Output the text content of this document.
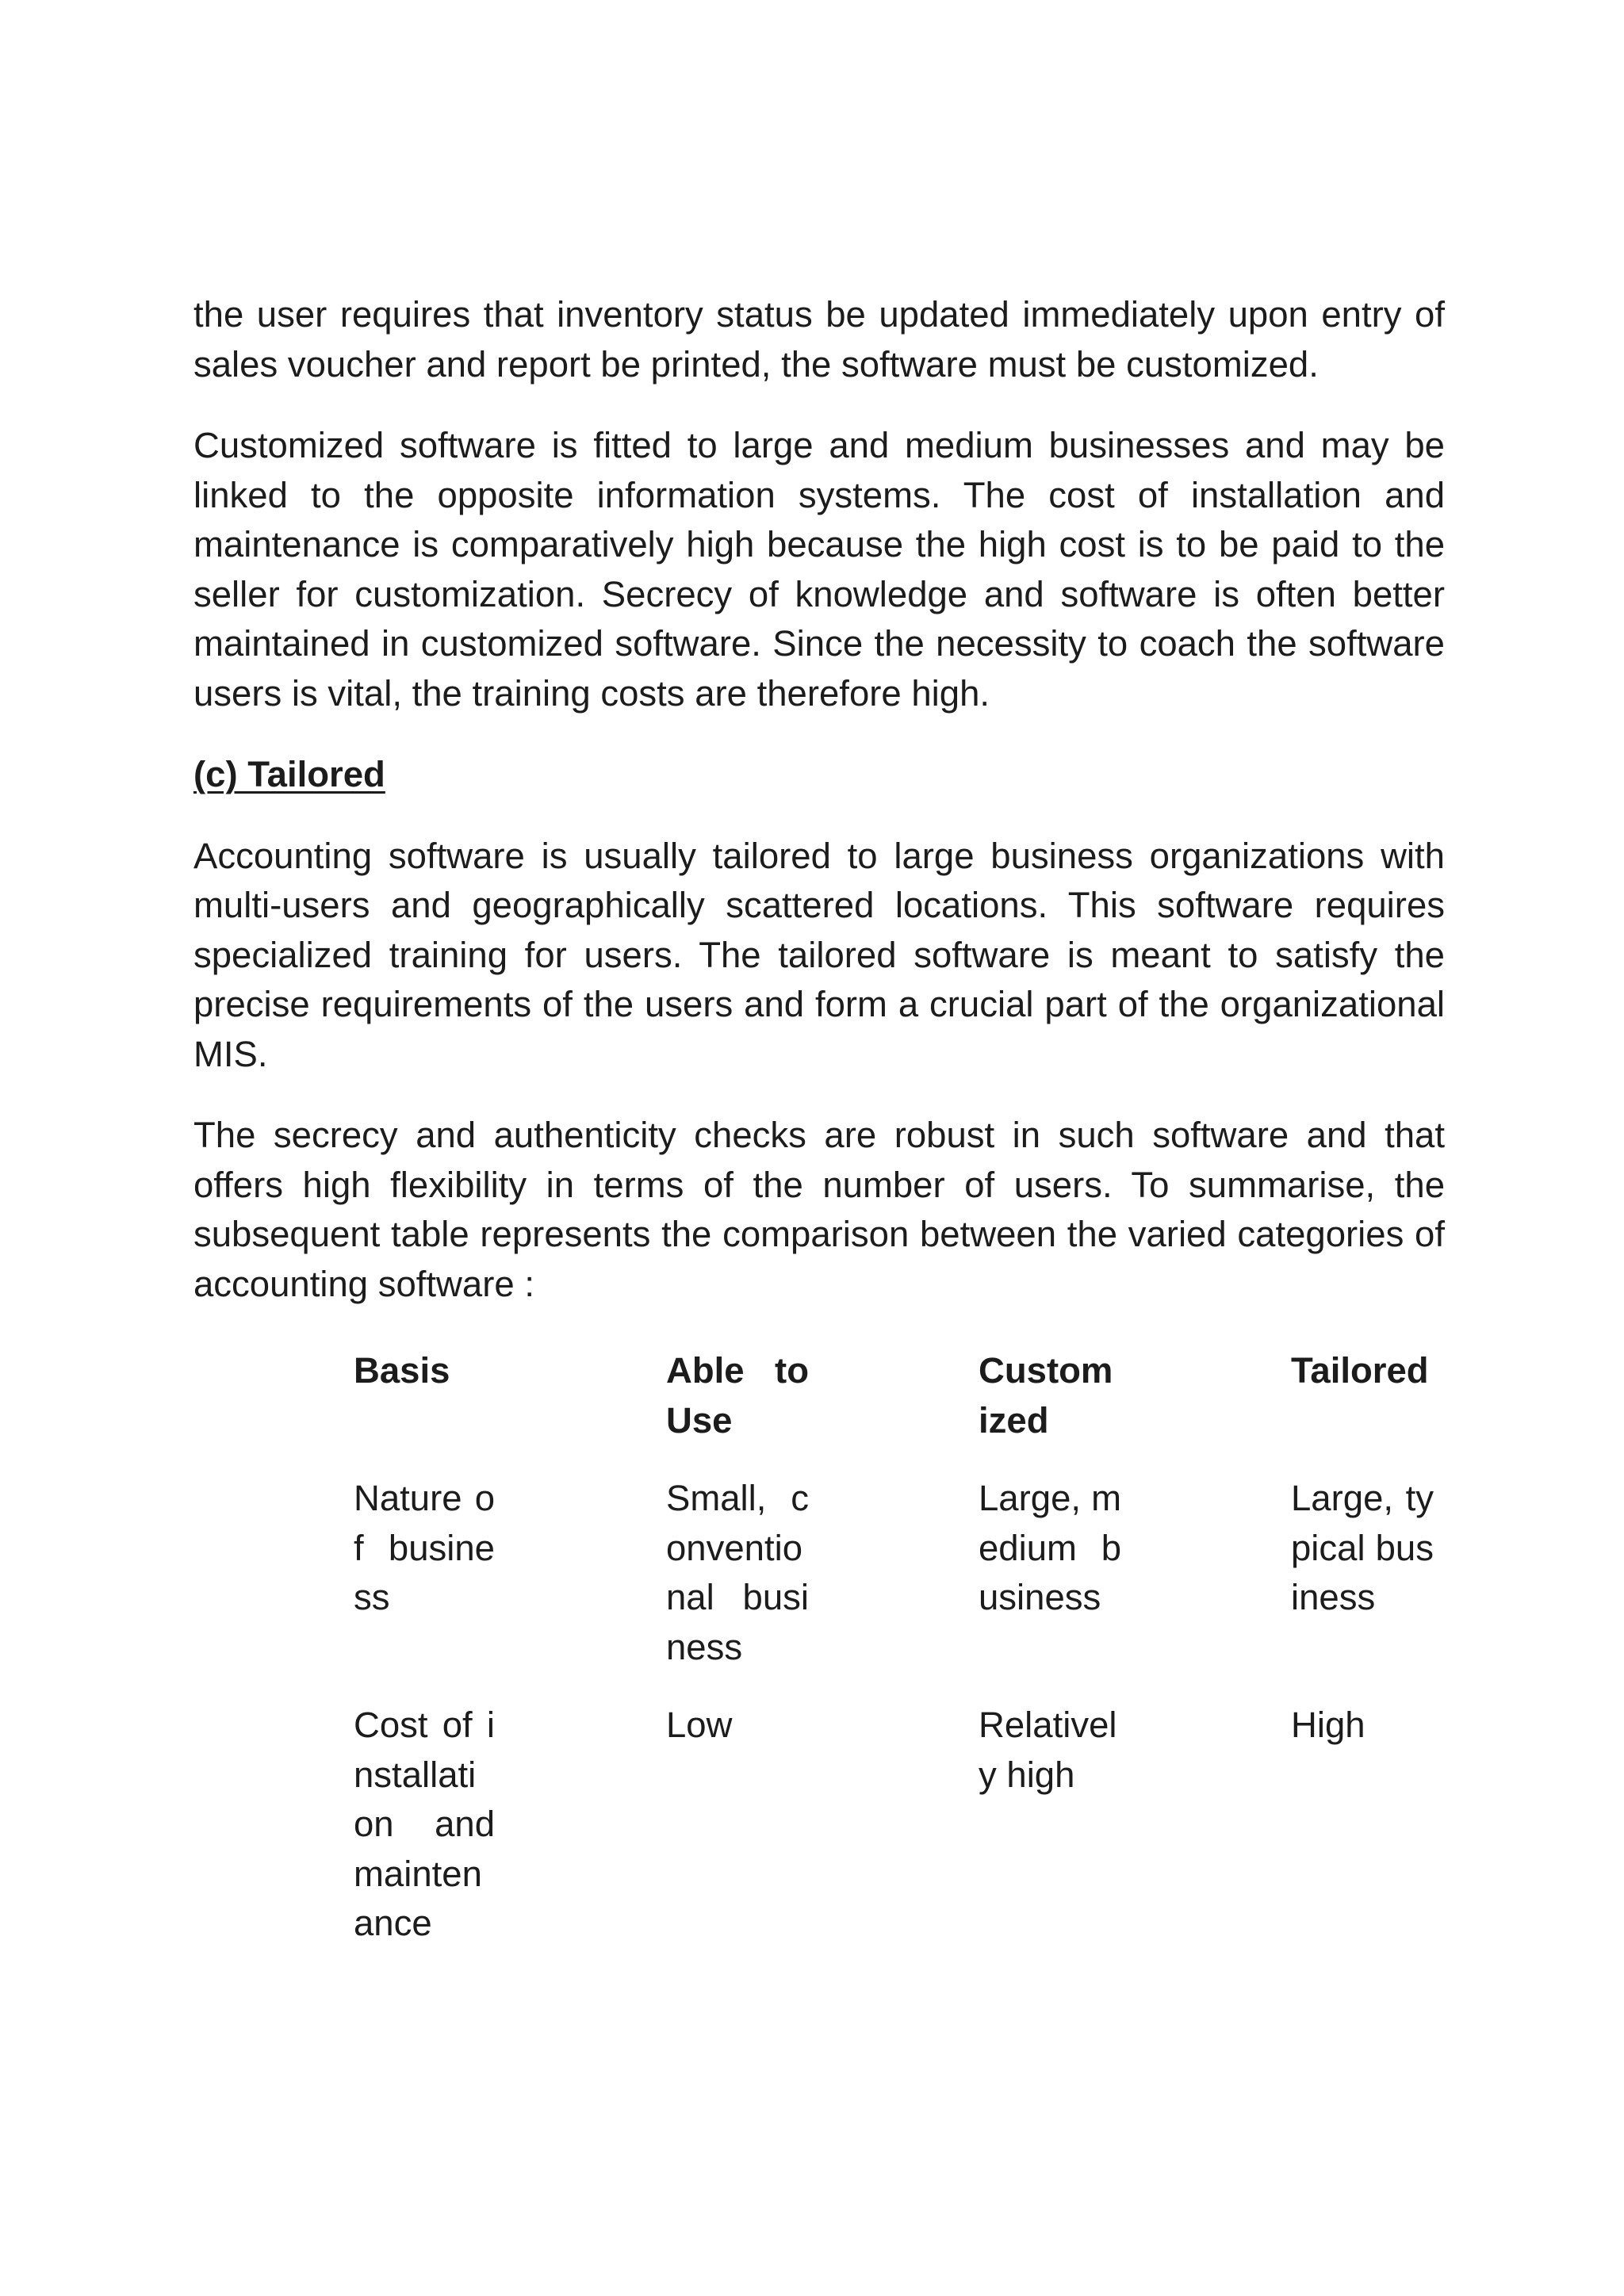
the user requires that inventory status be updated immediately upon entry of sales voucher and report be printed, the software must be customized.

Customized software is fitted to large and medium businesses and may be linked to the opposite information systems. The cost of installation and maintenance is comparatively high because the high cost is to be paid to the seller for customization. Secrecy of knowledge and software is often better maintained in customized software. Since the necessity to coach the software users is vital, the training costs are therefore high.

(c) Tailored

Accounting software is usually tailored to large business organizations with multi-users and geographically scattered locations. This software requires specialized training for users. The tailored software is meant to satisfy the precise requirements of the users and form a crucial part of the organizational MIS.

The secrecy and authenticity checks are robust in such software and that offers high flexibility in terms of the number of users. To summarise, the subsequent table represents the comparison between the varied categories of accounting software :

Basis	Able to Use	Customized	Tailored

Nature of business	Small, conventional business	Large, medium business	Large, typical business

Cost of installation and maintenance	Low	Relatively high	High
